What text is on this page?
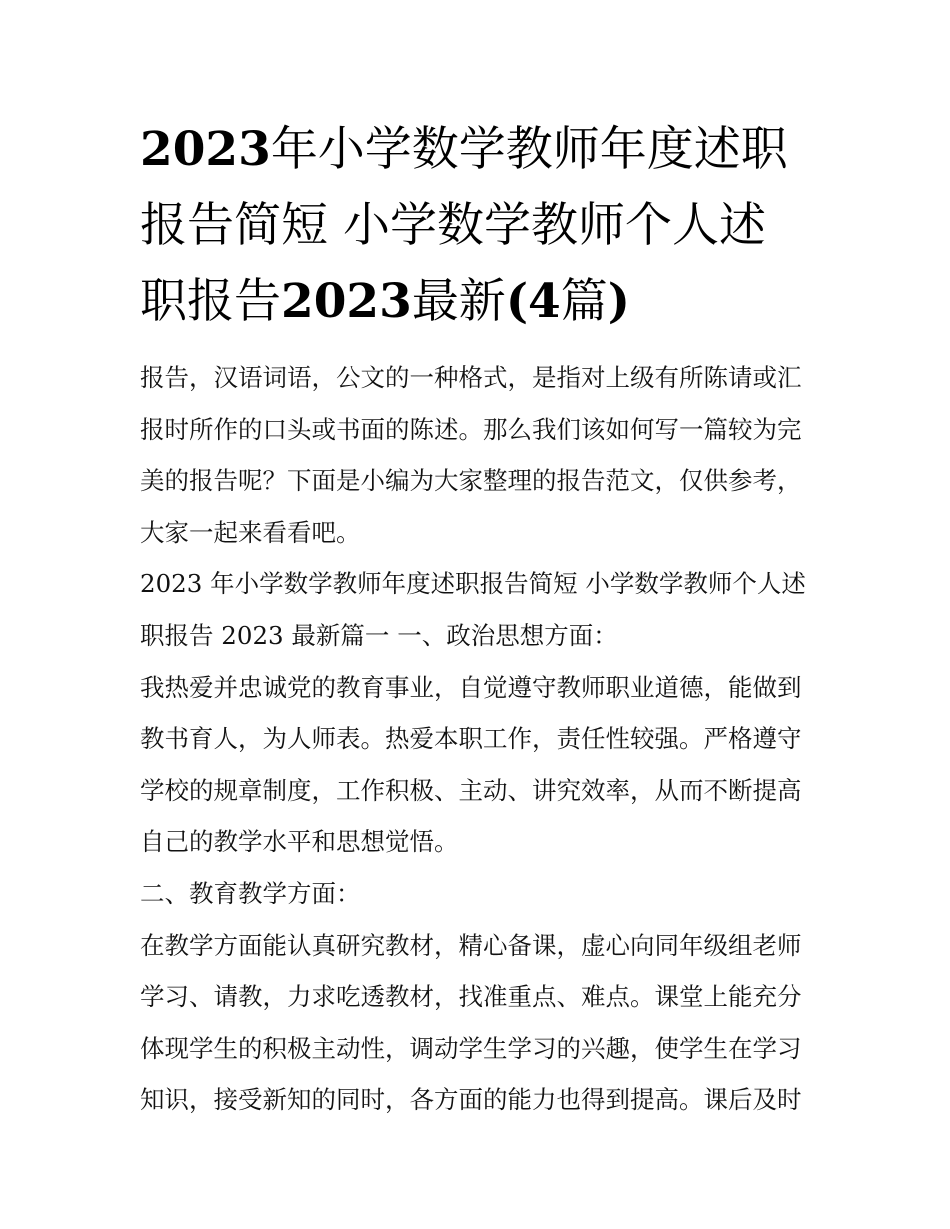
2023年小学数学教师年度述职
报告简短 小学数学教师个人述
职报告2023最新(4篇)
报告，汉语词语，公文的一种格式，是指对上级有所陈请或汇
报时所作的口头或书面的陈述。那么我们该如何写一篇较为完
美的报告呢？下面是小编为大家整理的报告范文，仅供参考，
大家一起来看看吧。
2023 年小学数学教师年度述职报告简短 小学数学教师个人述
职报告 2023 最新篇一 一、政治思想方面：
我热爱并忠诚党的教育事业，自觉遵守教师职业道德，能做到
教书育人，为人师表。热爱本职工作，责任性较强。严格遵守
学校的规章制度，工作积极、主动、讲究效率，从而不断提高
自己的教学水平和思想觉悟。
二、教育教学方面：
在教学方面能认真研究教材，精心备课，虚心向同年级组老师
学习、请教，力求吃透教材，找准重点、难点。课堂上能充分
体现学生的积极主动性，调动学生学习的兴趣，使学生在学习
知识，接受新知的同时，各方面的能力也得到提高。课后及时
